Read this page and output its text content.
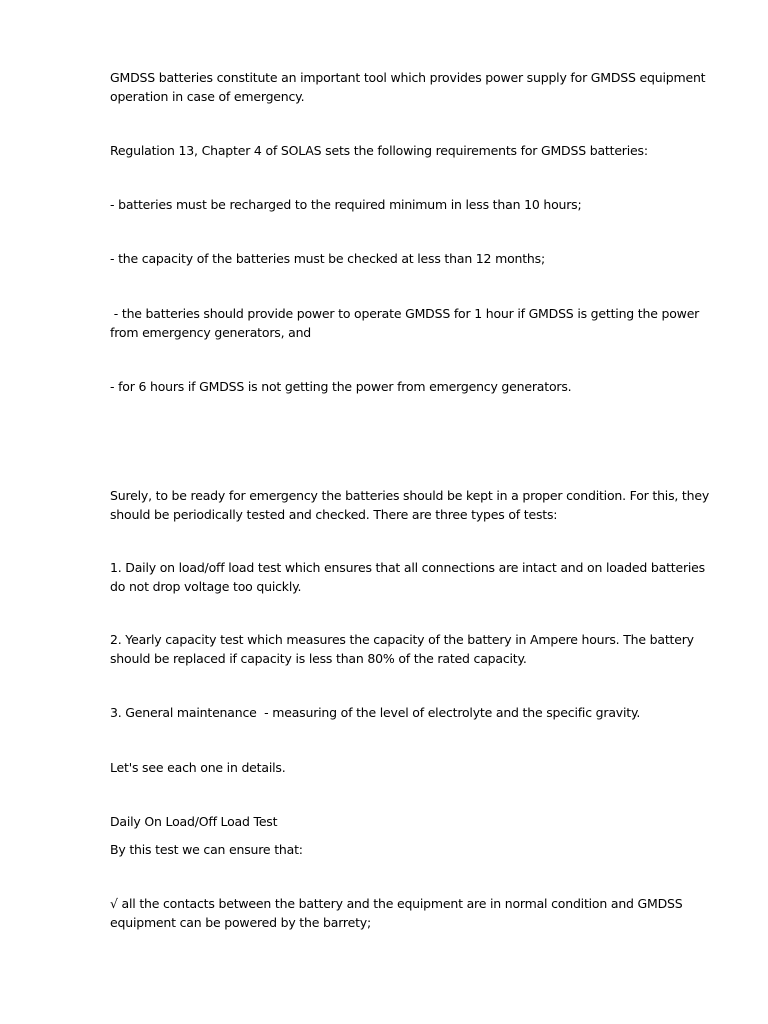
GMDSS batteries constitute an important tool which provides power supply for GMDSS equipment operation in case of emergency.

Regulation 13, Chapter 4 of SOLAS sets the following requirements for GMDSS batteries:

- batteries must be recharged to the required minimum in less than 10 hours;

- the capacity of the batteries must be checked at less than 12 months;

- the batteries should provide power to operate GMDSS for 1 hour if GMDSS is getting the power from emergency generators, and

- for 6 hours if GMDSS is not getting the power from emergency generators.

Surely, to be ready for emergency the batteries should be kept in a proper condition. For this, they should be periodically tested and checked. There are three types of tests:

1. Daily on load/off load test which ensures that all connections are intact and on loaded batteries do not drop voltage too quickly.

2. Yearly capacity test which measures the capacity of the battery in Ampere hours. The battery should be replaced if capacity is less than 80% of the rated capacity.

3. General maintenance  - measuring of the level of electrolyte and the specific gravity.

Let's see each one in details.

Daily On Load/Off Load Test

By this test we can ensure that:

√ all the contacts between the battery and the equipment are in normal condition and GMDSS equipment can be powered by the barrety;
